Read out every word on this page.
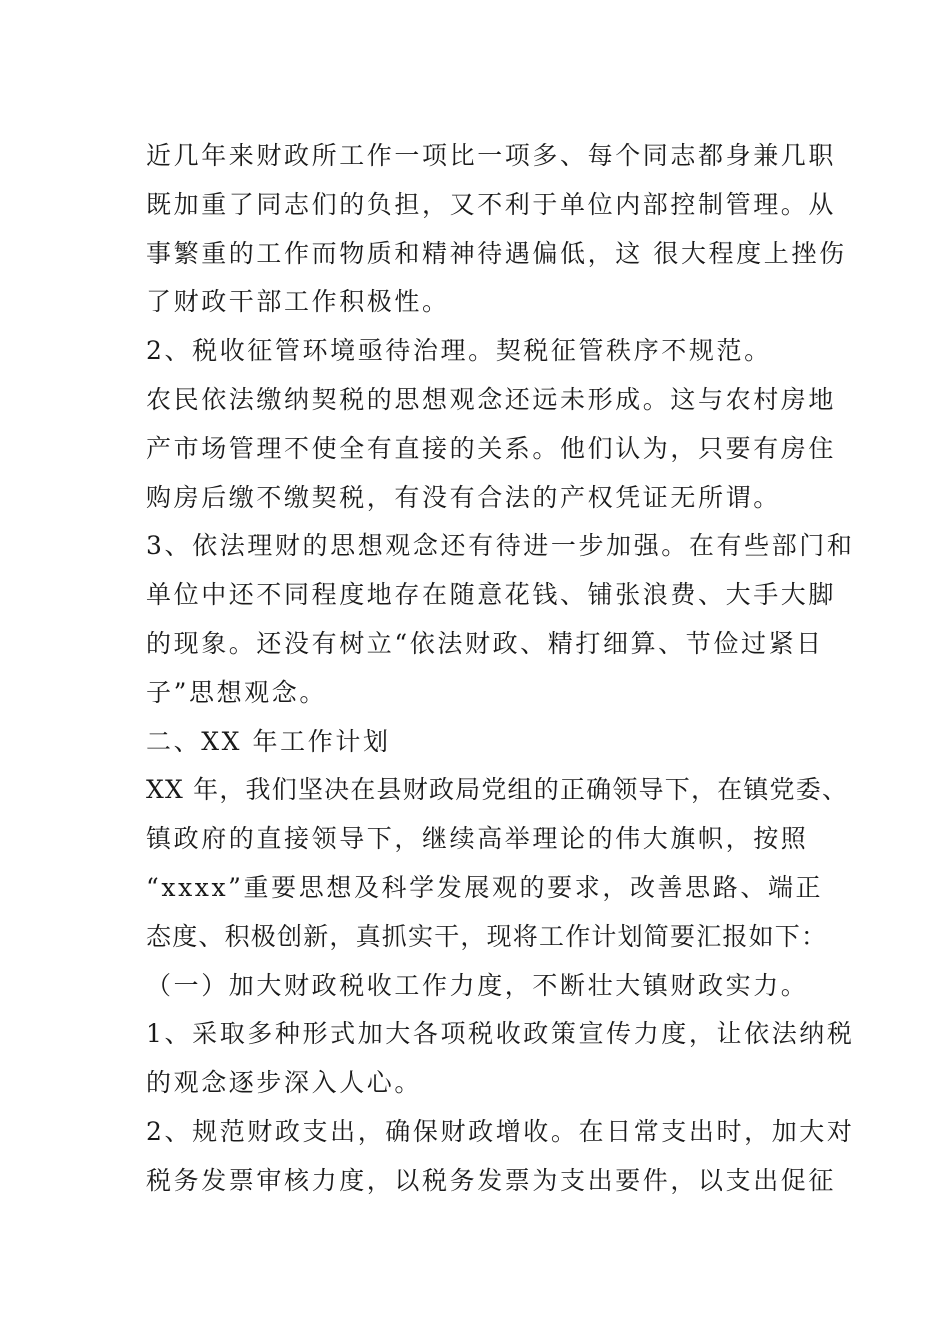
近几年来财政所工作一项比一项多、每个同志都身兼几职
既加重了同志们的负担，又不利于单位内部控制管理。从
事繁重的工作而物质和精神待遇偏低，这 很大程度上挫伤
了财政干部工作积极性。
2、税收征管环境亟待治理。契税征管秩序不规范。
农民依法缴纳契税的思想观念还远未形成。这与农村房地
产市场管理不使全有直接的关系。他们认为，只要有房住
购房后缴不缴契税，有没有合法的产权凭证无所谓。
3、依法理财的思想观念还有待进一步加强。在有些部门和
单位中还不同程度地存在随意花钱、铺张浪费、大手大脚
的现象。还没有树立“依法财政、精打细算、节俭过紧日
子”思想观念。
二、XX 年工作计划
XX 年，我们坚决在县财政局党组的正确领导下，在镇党委、
镇政府的直接领导下，继续高举理论的伟大旗帜，按照
“xxxx”重要思想及科学发展观的要求，改善思路、端正
态度、积极创新，真抓实干，现将工作计划简要汇报如下：
（一）加大财政税收工作力度，不断壮大镇财政实力。
1、采取多种形式加大各项税收政策宣传力度，让依法纳税
的观念逐步深入人心。
2、规范财政支出，确保财政增收。在日常支出时，加大对
税务发票审核力度，以税务发票为支出要件，以支出促征
